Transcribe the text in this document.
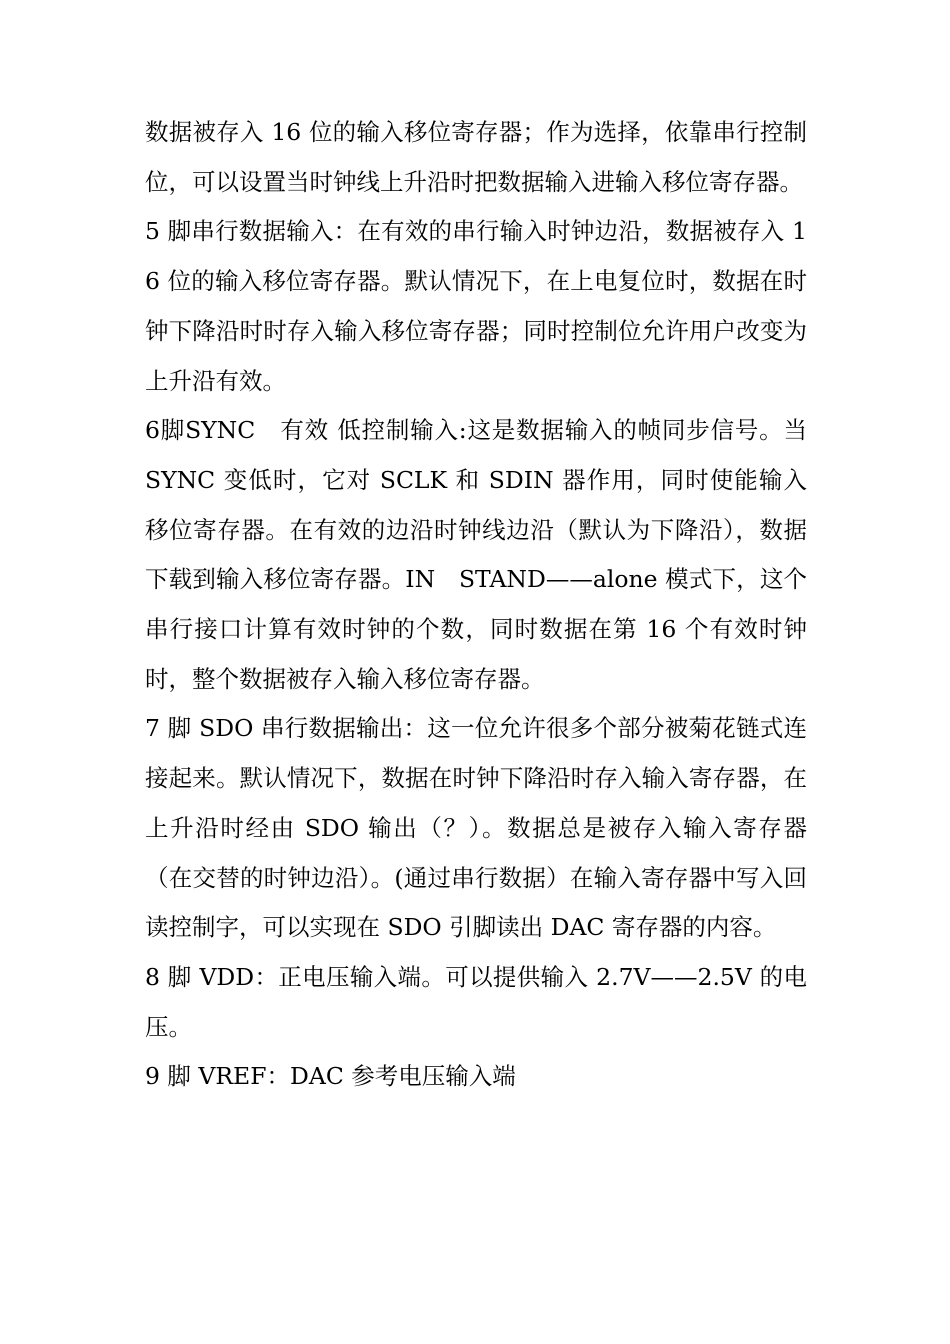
数据被存入 16 位的输入移位寄存器；作为选择，依靠串行控制位，可以设置当时钟线上升沿时把数据输入进输入移位寄存器。

5 脚串行数据输入：在有效的串行输入时钟边沿，数据被存入 16 位的输入移位寄存器。默认情况下，在上电复位时，数据在时钟下降沿时时存入输入移位寄存器；同时控制位允许用户改变为上升沿有效。

6脚SYNC　有效 低控制输入:这是数据输入的帧同步信号。当 SYNC 变低时，它对 SCLK 和 SDIN 器作用，同时使能输入移位寄存器。在有效的边沿时钟线边沿（默认为下降沿），数据下载到输入移位寄存器。IN　STAND——alone 模式下，这个串行接口计算有效时钟的个数，同时数据在第 16 个有效时钟时，整个数据被存入输入移位寄存器。

7 脚 SDO 串行数据输出：这一位允许很多个部分被菊花链式连接起来。默认情况下，数据在时钟下降沿时存入输入寄存器，在上升沿时经由 SDO 输出（？）。数据总是被存入输入寄存器（在交替的时钟边沿）。(通过串行数据）在输入寄存器中写入回读控制字，可以实现在 SDO 引脚读出 DAC 寄存器的内容。

8 脚 VDD：正电压输入端。可以提供输入 2.7V——2.5V 的电压。

9 脚 VREF：DAC 参考电压输入端
